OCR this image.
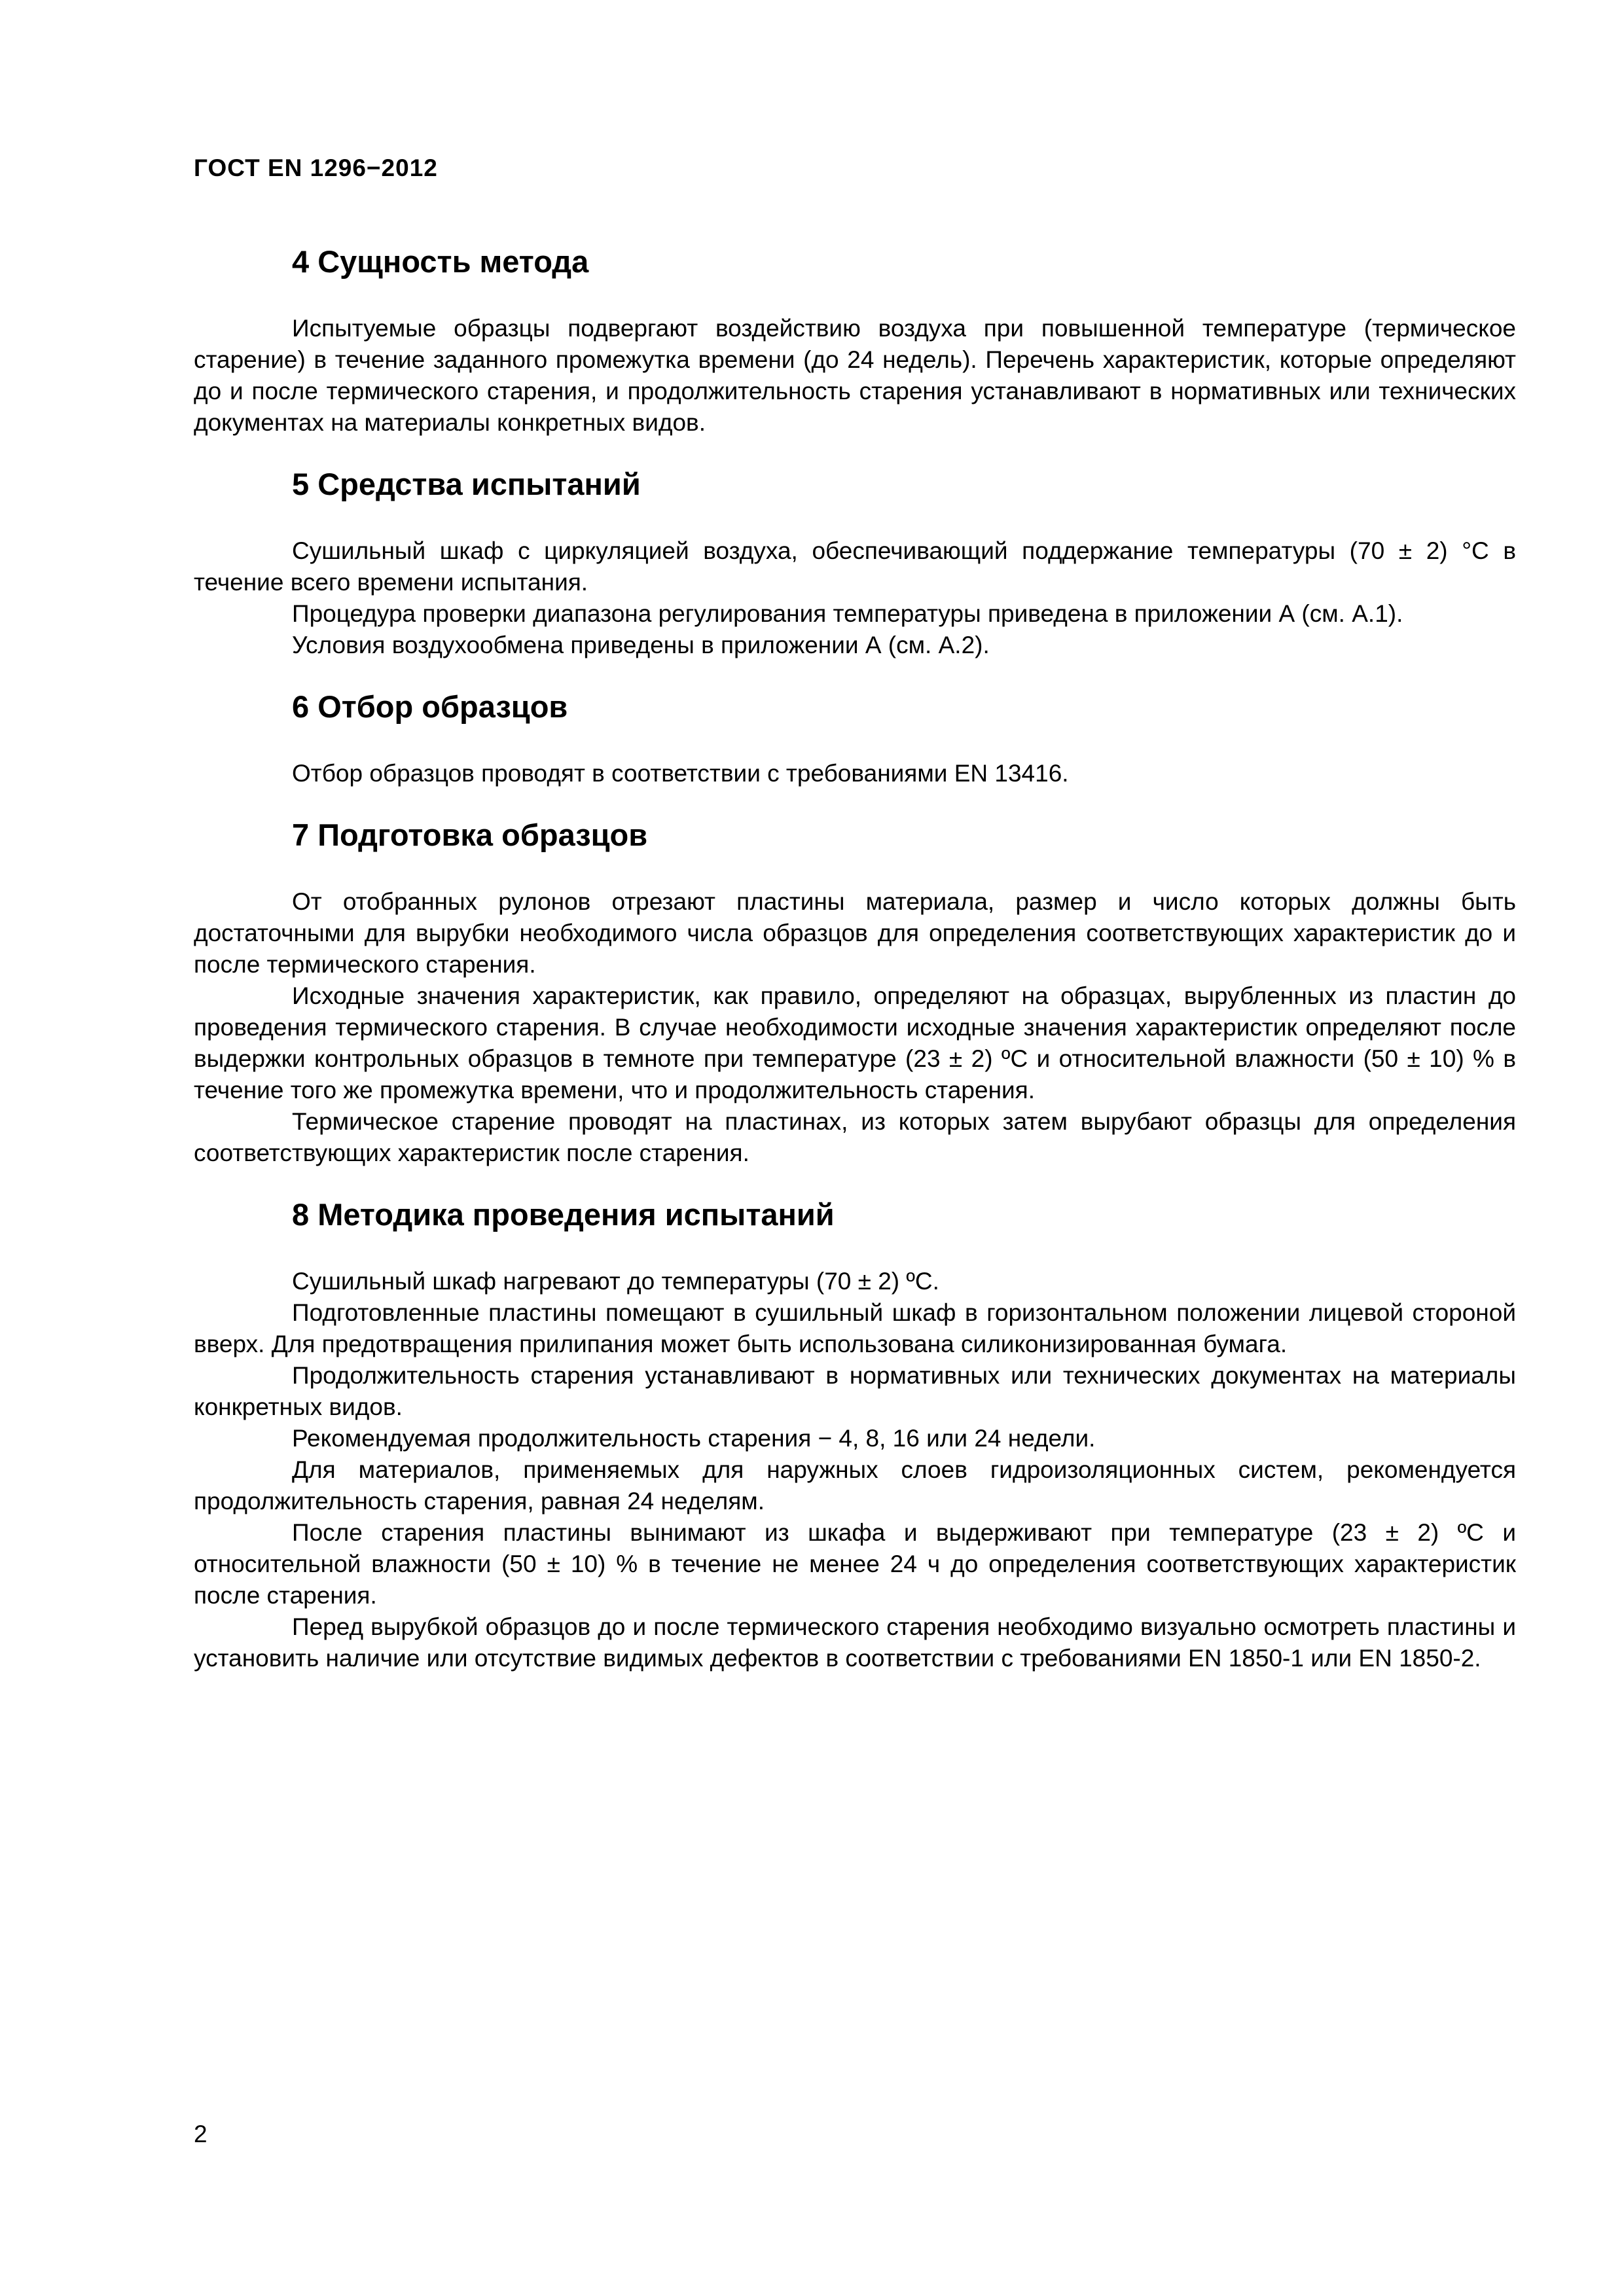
ГОСТ EN 1296−2012
4 Сущность метода

Испытуемые образцы подвергают воздействию воздуха при повышенной температуре (термическое старение) в течение заданного промежутка времени (до 24 недель). Перечень характеристик, которые определяют до и после термического старения, и продолжительность старения устанавливают в нормативных или технических документах на материалы конкретных видов.

5 Средства испытаний

Сушильный шкаф с циркуляцией воздуха, обеспечивающий поддержание температуры (70 ± 2) °С в течение всего времени испытания.

Процедура проверки диапазона регулирования температуры приведена в приложении А (см. А.1).

Условия воздухообмена приведены в приложении А (см. А.2).

6 Отбор образцов

Отбор образцов проводят в соответствии с требованиями EN 13416.

7 Подготовка образцов

От отобранных рулонов отрезают пластины материала, размер и число которых должны быть достаточными для вырубки необходимого числа образцов для определения соответствующих характеристик до и после термического старения.

Исходные значения характеристик, как правило, определяют на образцах, вырубленных из пластин до проведения термического старения. В случае необходимости исходные значения характеристик определяют после выдержки контрольных образцов в темноте при температуре (23 ± 2) ºС и относительной влажности (50 ± 10) % в течение того же промежутка времени, что и продолжительность старения.

Термическое старение проводят на пластинах, из которых затем вырубают образцы для определения соответствующих характеристик после старения.

8 Методика проведения испытаний

Сушильный шкаф нагревают до температуры (70 ± 2) ºС.

Подготовленные пластины помещают в сушильный шкаф в горизонтальном положении лицевой стороной вверх. Для предотвращения прилипания может быть использована силиконизированная бумага.

Продолжительность старения устанавливают в нормативных или технических документах на материалы конкретных видов.

Рекомендуемая продолжительность старения − 4, 8, 16 или 24 недели.

Для материалов, применяемых для наружных слоев гидроизоляционных систем, рекомендуется продолжительность старения, равная 24 неделям.

После старения пластины вынимают из шкафа и выдерживают при температуре (23 ± 2) ºС и относительной влажности (50 ± 10) % в течение не менее 24 ч до определения соответствующих характеристик после старения.

Перед вырубкой образцов до и после термического старения необходимо визуально осмотреть пластины и установить наличие или отсутствие видимых дефектов в соответствии с требованиями EN 1850-1 или EN 1850-2.

2
